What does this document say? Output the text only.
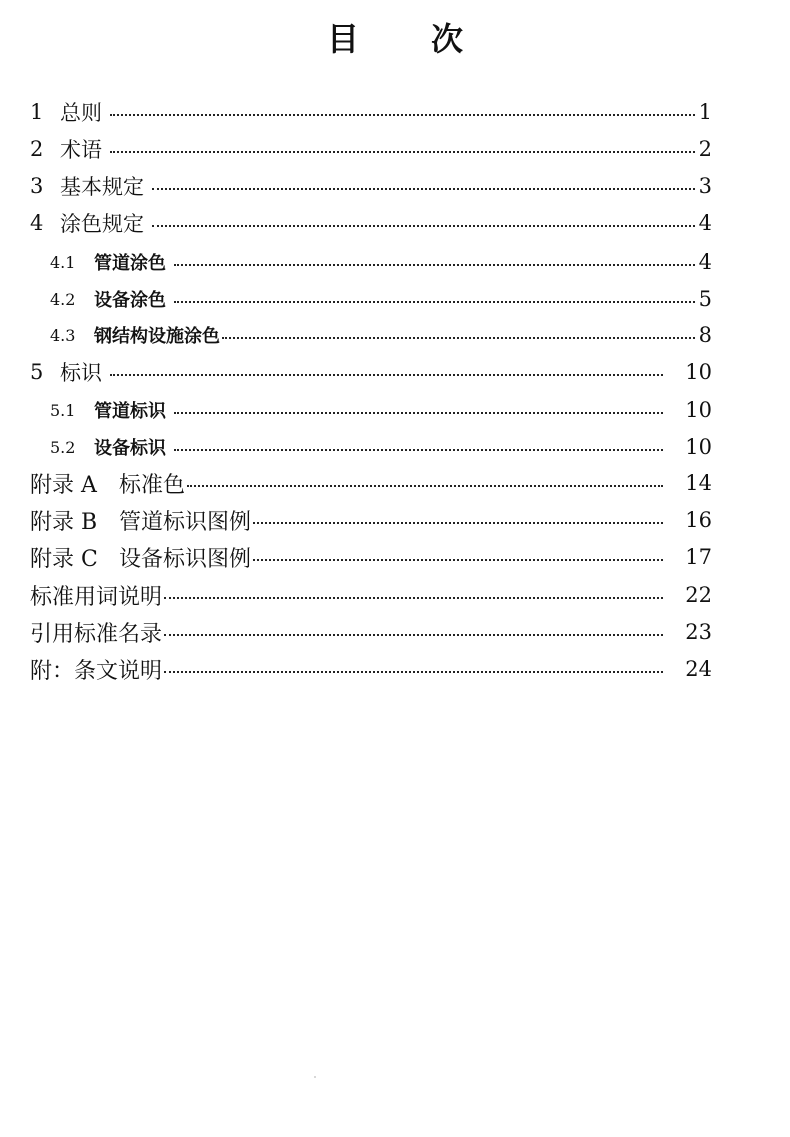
目 次
1 总则	1
2 术语	2
3 基本规定	3
4 涂色规定	4
4.1	管道涂色	4
4.2	设备涂色	5
4.3	钢结构设施涂色	8
5 标识	10
5.1	管道标识	10
5.2	设备标识	10
附录 A	标准色	14
附录 B 管道标识图例	16
附录 C 设备标识图例	17
标准用词说明	22
引用标准名录	23
附：条文说明	24
